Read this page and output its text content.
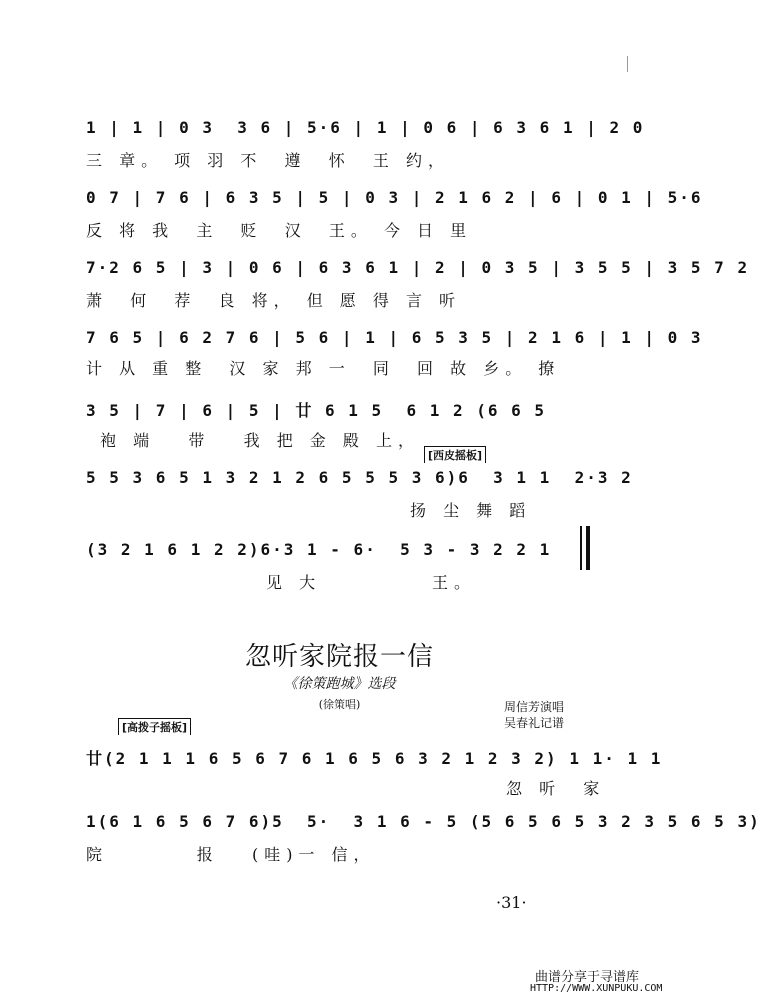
1 | 1 | 0 3  3 6 | 5·6 | 1 | 0 6 | 6 3 6 1 | 2 0
三 章。 项 羽 不  遵  怀  王 约，
0 7 | 7 6 | 6 3 5 | 5 | 0 3 | 2 1 6 2 | 6 | 0 1 | 5·6
反 将 我  主  贬  汉  王。 今 日 里
7·2 6 5 | 3 | 0 6 | 6 3 6 1 | 2 | 0 3 5 | 3 5 5 | 3 5 7 2
萧  何  荐  良 将， 但 愿 得 言 听
7 6 5 | 6 2 7 6 | 5 6 | 1 | 6 5 3 5 | 2 1 6 | 1 | 0 3
计 从 重 整  汉 家 邦 一  同  回 故 乡。 撩
3 5 | 7 | 6 | 5 | 廿 6 1 5  6 1 2 (6 6 5
袍 端   带   我 把 金 殿 上，
[西皮摇板]
5 5 3 6 5 1 3 2 1 2 6 5 5 5 3 6)6  3 1 1  2·3 2
扬 尘 舞 蹈
(3 2 1 6 1 2 2)6·3 1 - 6·  5 3 - 3 2 2 1
见 大          王。
忽听家院报一信
《徐策跑城》选段
(徐策唱)	周信芳演唱
吴春礼记谱
[高拨子摇板]
廿(2 1 1 1 6 5 6 7 6 1 6 5 6 3 2 1 2 3 2) 1 1· 1 1
忽 听  家
1(6 1 6 5 6 7 6)5  5·  3 1 6 - 5 (5 6 5 6 5 3 2 3 5 6 5 3)
院        报   (哇)一 信，
·31·
曲谱分享于寻谱库
HTTP://WWW.XUNPUKU.COM
